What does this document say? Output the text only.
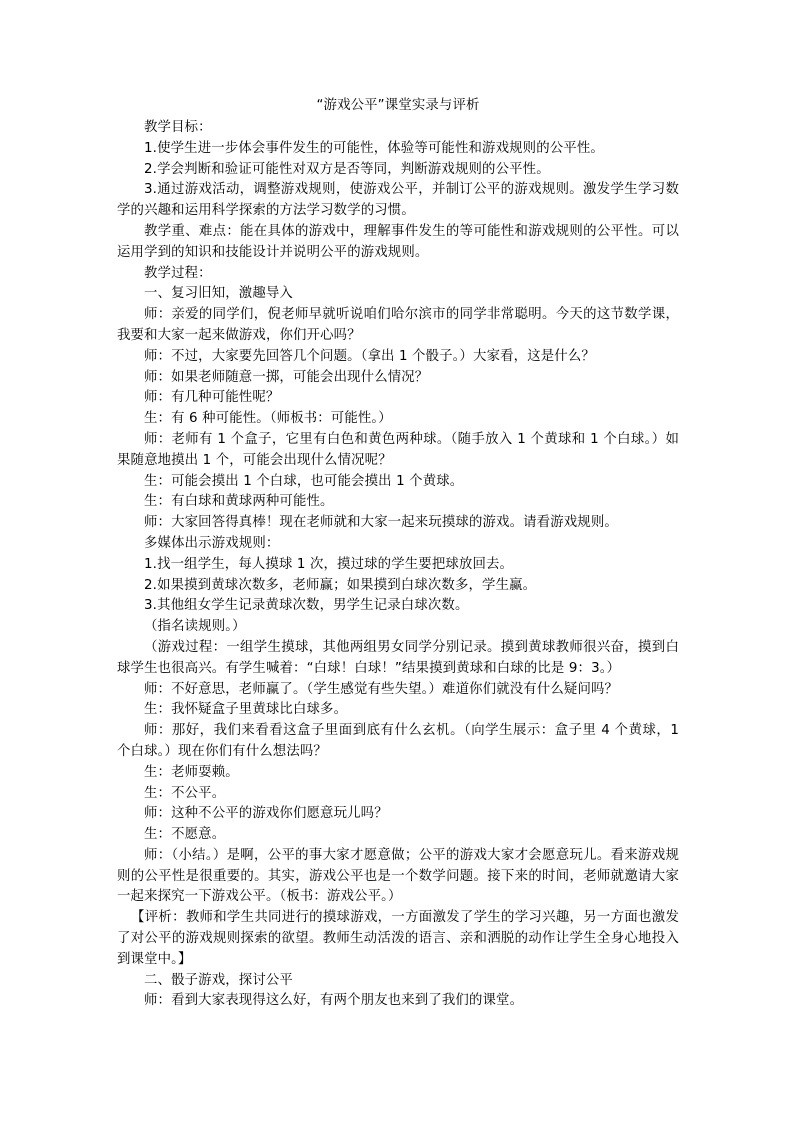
“游戏公平”课堂实录与评析

教学目标：

1.使学生进一步体会事件发生的可能性，体验等可能性和游戏规则的公平性。

2.学会判断和验证可能性对双方是否等同，判断游戏规则的公平性。

3.通过游戏活动，调整游戏规则，使游戏公平，并制订公平的游戏规则。激发学生学习数学的兴趣和运用科学探索的方法学习数学的习惯。

教学重、难点：能在具体的游戏中，理解事件发生的等可能性和游戏规则的公平性。可以运用学到的知识和技能设计并说明公平的游戏规则。

教学过程：

一、复习旧知，激趣导入

师：亲爱的同学们，倪老师早就听说咱们哈尔滨市的同学非常聪明。今天的这节数学课，我要和大家一起来做游戏，你们开心吗？

师：不过，大家要先回答几个问题。（拿出 1 个骰子。）大家看，这是什么？

师：如果老师随意一掷，可能会出现什么情况？

师：有几种可能性呢？

生：有 6 种可能性。（师板书：可能性。）

师：老师有 1 个盒子，它里有白色和黄色两种球。（随手放入 1 个黄球和 1 个白球。）如果随意地摸出 1 个，可能会出现什么情况呢？

生：可能会摸出 1 个白球，也可能会摸出 1 个黄球。

生：有白球和黄球两种可能性。

师：大家回答得真棒！现在老师就和大家一起来玩摸球的游戏。请看游戏规则。

多媒体出示游戏规则：

1.找一组学生，每人摸球 1 次，摸过球的学生要把球放回去。

2.如果摸到黄球次数多，老师赢；如果摸到白球次数多，学生赢。

3.其他组女学生记录黄球次数，男学生记录白球次数。

（指名读规则。）

（游戏过程：一组学生摸球，其他两组男女同学分别记录。摸到黄球教师很兴奋，摸到白球学生也很高兴。有学生喊着：“白球！白球！”结果摸到黄球和白球的比是 9：3。）

师：不好意思，老师赢了。（学生感觉有些失望。）难道你们就没有什么疑问吗？

生：我怀疑盒子里黄球比白球多。

师：那好，我们来看看这盒子里面到底有什么玄机。（向学生展示：盒子里 4 个黄球，1 个白球。）现在你们有什么想法吗？

生：老师耍赖。

生：不公平。

师：这种不公平的游戏你们愿意玩儿吗？

生：不愿意。

师：（小结。）是啊，公平的事大家才愿意做；公平的游戏大家才会愿意玩儿。看来游戏规则的公平性是很重要的。其实，游戏公平也是一个数学问题。接下来的时间，老师就邀请大家一起来探究一下游戏公平。（板书：游戏公平。）

【评析：教师和学生共同进行的摸球游戏，一方面激发了学生的学习兴趣，另一方面也激发了对公平的游戏规则探索的欲望。教师生动活泼的语言、亲和洒脱的动作让学生全身心地投入到课堂中。】

二、骰子游戏，探讨公平

师：看到大家表现得这么好，有两个朋友也来到了我们的课堂。
